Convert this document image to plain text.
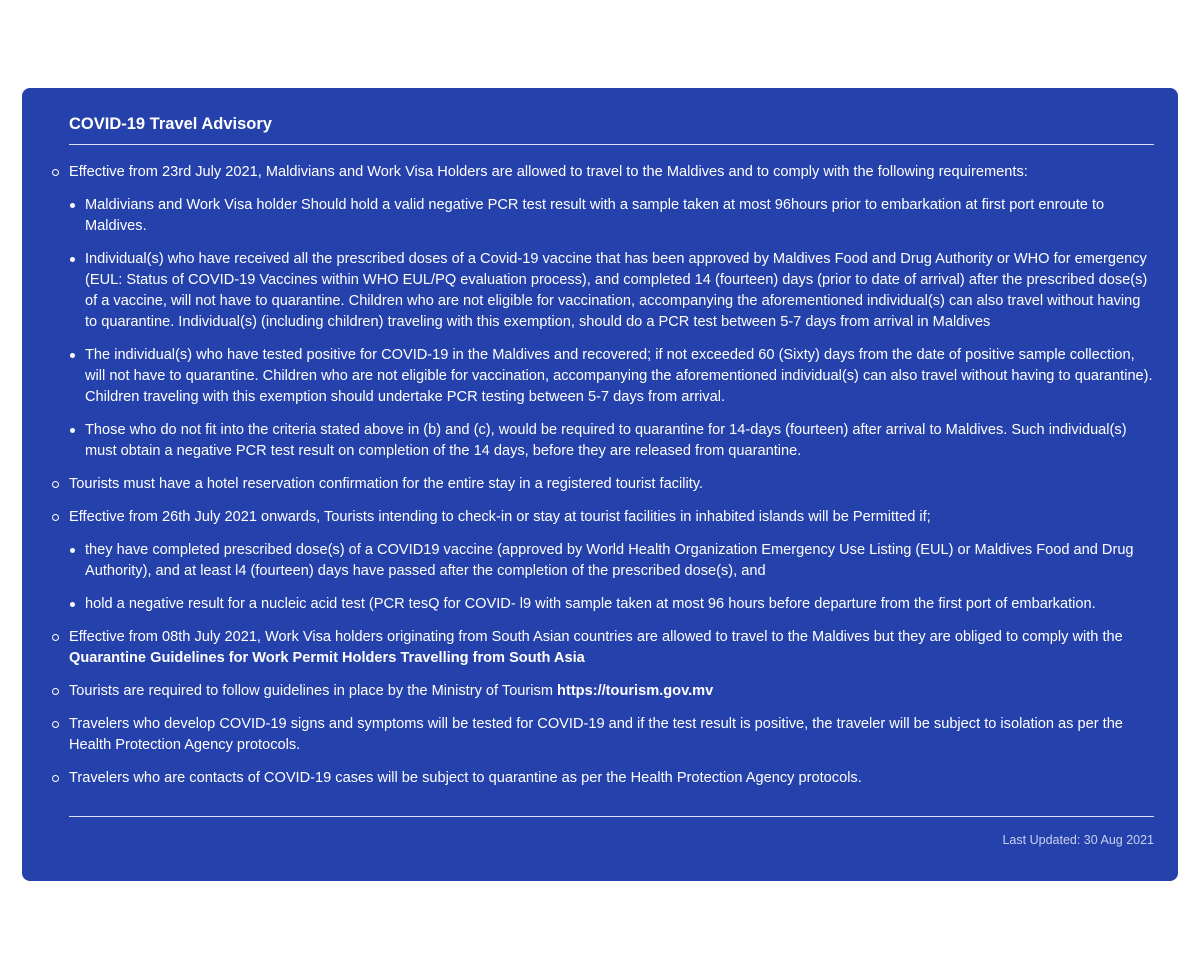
COVID-19 Travel Advisory
Effective from 23rd July 2021, Maldivians and Work Visa Holders are allowed to travel to the Maldives and to comply with the following requirements:
Maldivians and Work Visa holder Should hold a valid negative PCR test result with a sample taken at most 96hours prior to embarkation at first port enroute to Maldives.
Individual(s) who have received all the prescribed doses of a Covid-19 vaccine that has been approved by Maldives Food and Drug Authority or WHO for emergency (EUL: Status of COVID-19 Vaccines within WHO EUL/PQ evaluation process), and completed 14 (fourteen) days (prior to date of arrival) after the prescribed dose(s) of a vaccine, will not have to quarantine. Children who are not eligible for vaccination, accompanying the aforementioned individual(s) can also travel without having to quarantine. Individual(s) (including children) traveling with this exemption, should do a PCR test between 5-7 days from arrival in Maldives
The individual(s) who have tested positive for COVID-19 in the Maldives and recovered; if not exceeded 60 (Sixty) days from the date of positive sample collection, will not have to quarantine. Children who are not eligible for vaccination, accompanying the aforementioned individual(s) can also travel without having to quarantine). Children traveling with this exemption should undertake PCR testing between 5-7 days from arrival.
Those who do not fit into the criteria stated above in (b) and (c), would be required to quarantine for 14-days (fourteen) after arrival to Maldives. Such individual(s) must obtain a negative PCR test result on completion of the 14 days, before they are released from quarantine.
Tourists must have a hotel reservation confirmation for the entire stay in a registered tourist facility.
Effective from 26th July 2021 onwards, Tourists intending to check-in or stay at tourist facilities in inhabited islands will be Permitted if;
they have completed prescribed dose(s) of a COVID19 vaccine (approved by World Health Organization Emergency Use Listing (EUL) or Maldives Food and Drug Authority), and at least l4 (fourteen) days have passed after the completion of the prescribed dose(s), and
hold a negative result for a nucleic acid test (PCR tesQ for COVID- l9 with sample taken at most 96 hours before departure from the first port of embarkation.
Effective from 08th July 2021, Work Visa holders originating from South Asian countries are allowed to travel to the Maldives but they are obliged to comply with the Quarantine Guidelines for Work Permit Holders Travelling from South Asia
Tourists are required to follow guidelines in place by the Ministry of Tourism https://tourism.gov.mv
Travelers who develop COVID-19 signs and symptoms will be tested for COVID-19 and if the test result is positive, the traveler will be subject to isolation as per the Health Protection Agency protocols.
Travelers who are contacts of COVID-19 cases will be subject to quarantine as per the Health Protection Agency protocols.
Last Updated: 30 Aug 2021
